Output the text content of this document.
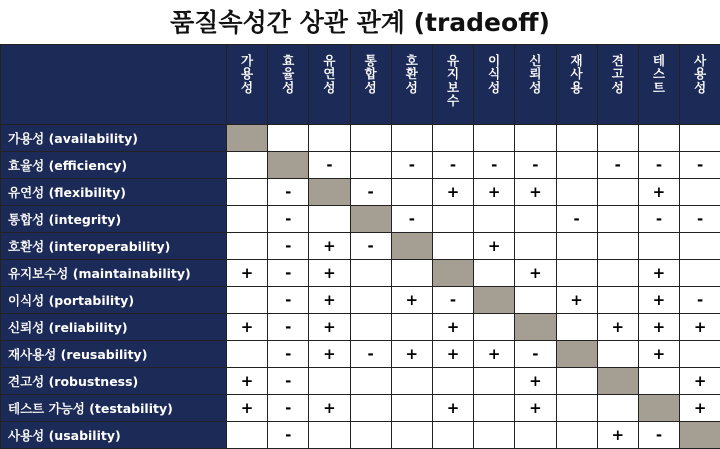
품질속성간 상관 관계 (tradeoff)

	가용성	효율성	유연성	통합성	호환성	유지보수	이식성	신뢰성	재사용	견고성	테스트	사용성

가용성 (availability)												
효율성 (efficiency)			-		-	-	-	-		-	-	-
유연성 (flexibility)		-		-		+	+	+			+	
통합성 (integrity)		-			-				-		-	-
호환성 (interoperability)		-	+	-			+					
유지보수성 (maintainability)	+	-	+					+			+	
이식성 (portability)		-	+		+	-			+		+	-
신뢰성 (reliability)	+	-	+			+				+	+	+
재사용성 (reusability)		-	+	-	+	+	+	-			+	
견고성 (robustness)	+	-						+				+
테스트 가능성 (testability)	+	-	+			+		+				+
사용성 (usability)		-								+	-	
